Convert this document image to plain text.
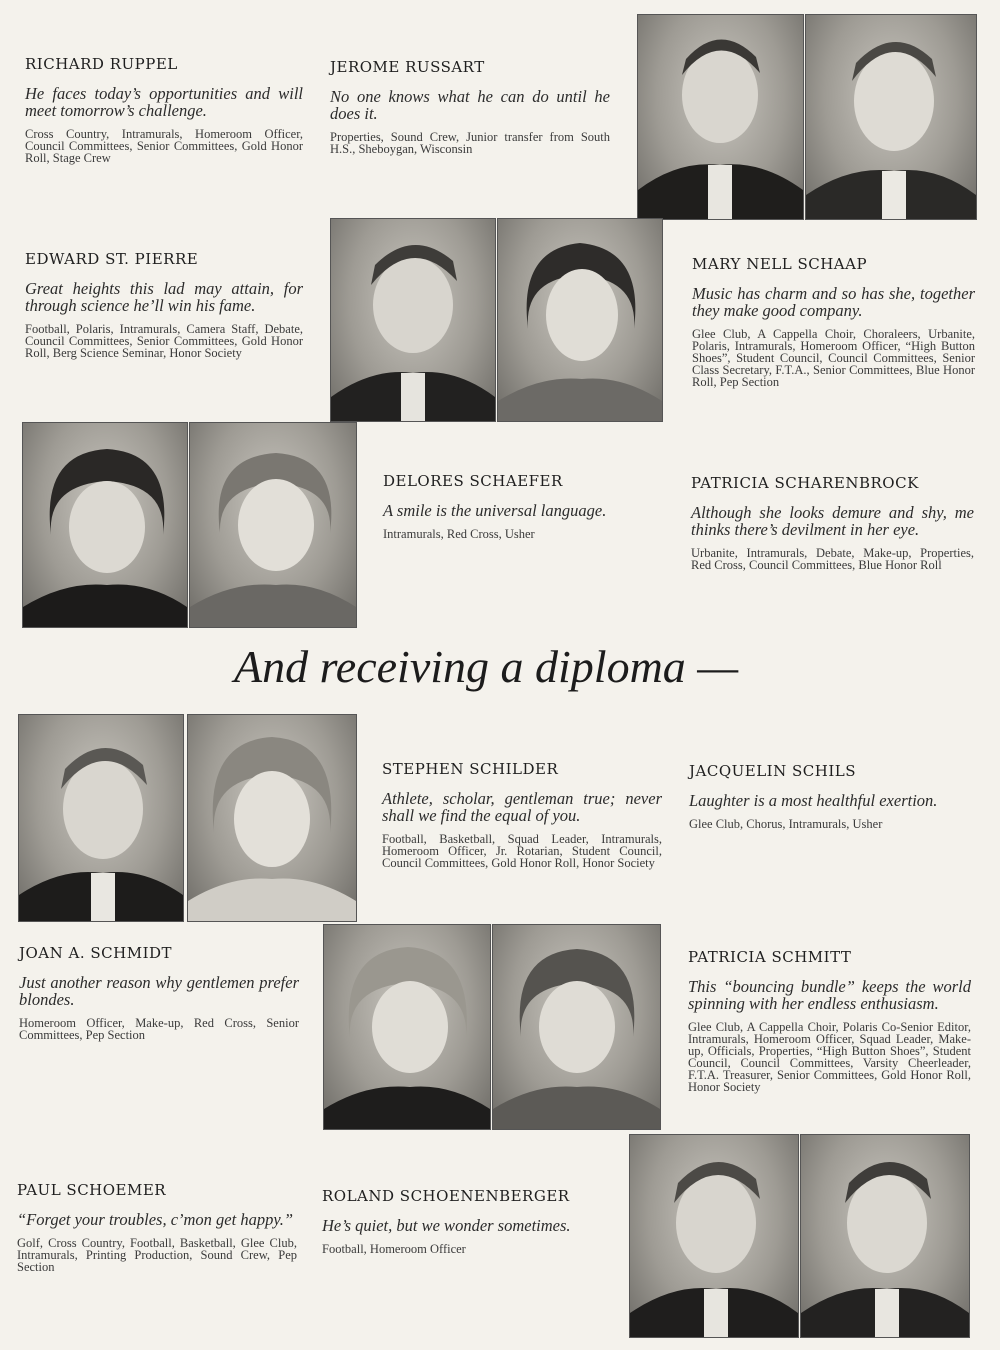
RICHARD RUPPEL

He faces today’s opportunities and will meet tomorrow’s challenge.

Cross Country, Intramurals, Homeroom Officer, Council Committees, Senior Committees, Gold Honor Roll, Stage Crew

JEROME RUSSART

No one knows what he can do until he does it.

Properties, Sound Crew, Junior transfer from South H.S., Sheboygan, Wisconsin

EDWARD ST. PIERRE

Great heights this lad may attain, for through science he’ll win his fame.

Football, Polaris, Intramurals, Camera Staff, Debate, Council Committees, Senior Committees, Gold Honor Roll, Berg Science Seminar, Honor Society

MARY NELL SCHAAP

Music has charm and so has she, together they make good company.

Glee Club, A Cappella Choir, Choraleers, Urbanite, Polaris, Intramurals, Homeroom Officer, “High Button Shoes”, Student Council, Council Committees, Senior Class Secretary, F.T.A., Senior Committees, Blue Honor Roll, Pep Section

DELORES SCHAEFER

A smile is the universal language.

Intramurals, Red Cross, Usher

PATRICIA SCHARENBROCK

Although she looks demure and shy, me thinks there’s devilment in her eye.

Urbanite, Intramurals, Debate, Make-up, Properties, Red Cross, Council Committees, Blue Honor Roll

And receiving a diploma —

STEPHEN SCHILDER

Athlete, scholar, gentleman true; never shall we find the equal of you.

Football, Basketball, Squad Leader, Intramurals, Homeroom Officer, Jr. Rotarian, Student Council, Council Committees, Gold Honor Roll, Honor Society

JACQUELIN SCHILS

Laughter is a most healthful exertion.

Glee Club, Chorus, Intramurals, Usher

JOAN A. SCHMIDT

Just another reason why gentlemen prefer blondes.

Homeroom Officer, Make-up, Red Cross, Senior Committees, Pep Section

PATRICIA SCHMITT

This “bouncing bundle” keeps the world spinning with her endless enthusiasm.

Glee Club, A Cappella Choir, Polaris Co-Senior Editor, Intramurals, Homeroom Officer, Squad Leader, Make-up, Officials, Properties, “High Button Shoes”, Student Council, Council Committees, Varsity Cheerleader, F.T.A. Treasurer, Senior Committees, Gold Honor Roll, Honor Society

PAUL SCHOEMER

“Forget your troubles, c’mon get happy.”

Golf, Cross Country, Football, Basketball, Glee Club, Intramurals, Printing Production, Sound Crew, Pep Section

ROLAND SCHOENENBERGER

He’s quiet, but we wonder sometimes.

Football, Homeroom Officer
